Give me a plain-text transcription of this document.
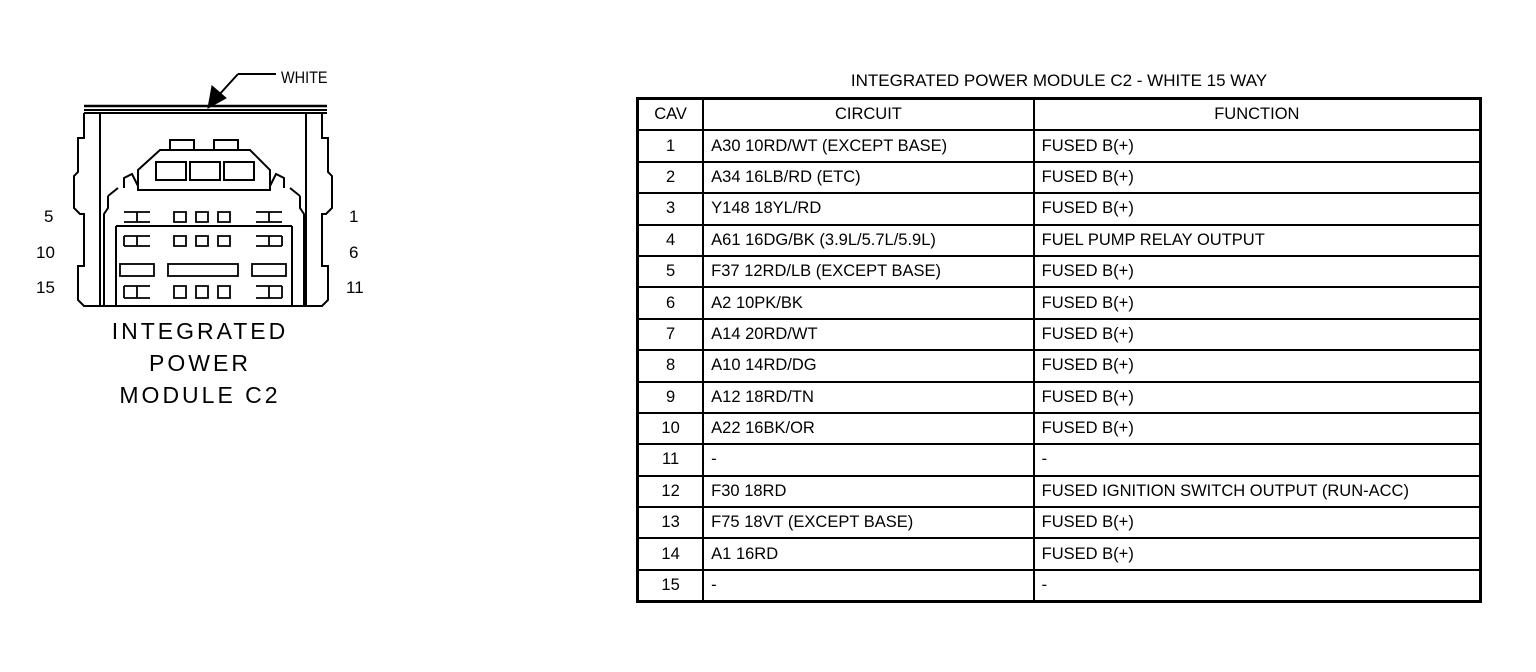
WHITE
5	1
10	6
15	11
INTEGRATED
POWER
MODULE C2
INTEGRATED POWER MODULE C2 - WHITE 15 WAY
CAV	CIRCUIT	FUNCTION
1	A30 10RD/WT (EXCEPT BASE)	FUSED B(+)
2	A34 16LB/RD (ETC)	FUSED B(+)
3	Y148 18YL/RD	FUSED B(+)
4	A61 16DG/BK (3.9L/5.7L/5.9L)	FUEL PUMP RELAY OUTPUT
5	F37 12RD/LB (EXCEPT BASE)	FUSED B(+)
6	A2 10PK/BK	FUSED B(+)
7	A14 20RD/WT	FUSED B(+)
8	A10 14RD/DG	FUSED B(+)
9	A12 18RD/TN	FUSED B(+)
10	A22 16BK/OR	FUSED B(+)
11	-	-
12	F30 18RD	FUSED IGNITION SWITCH OUTPUT (RUN-ACC)
13	F75 18VT (EXCEPT BASE)	FUSED B(+)
14	A1 16RD	FUSED B(+)
15	-	-
